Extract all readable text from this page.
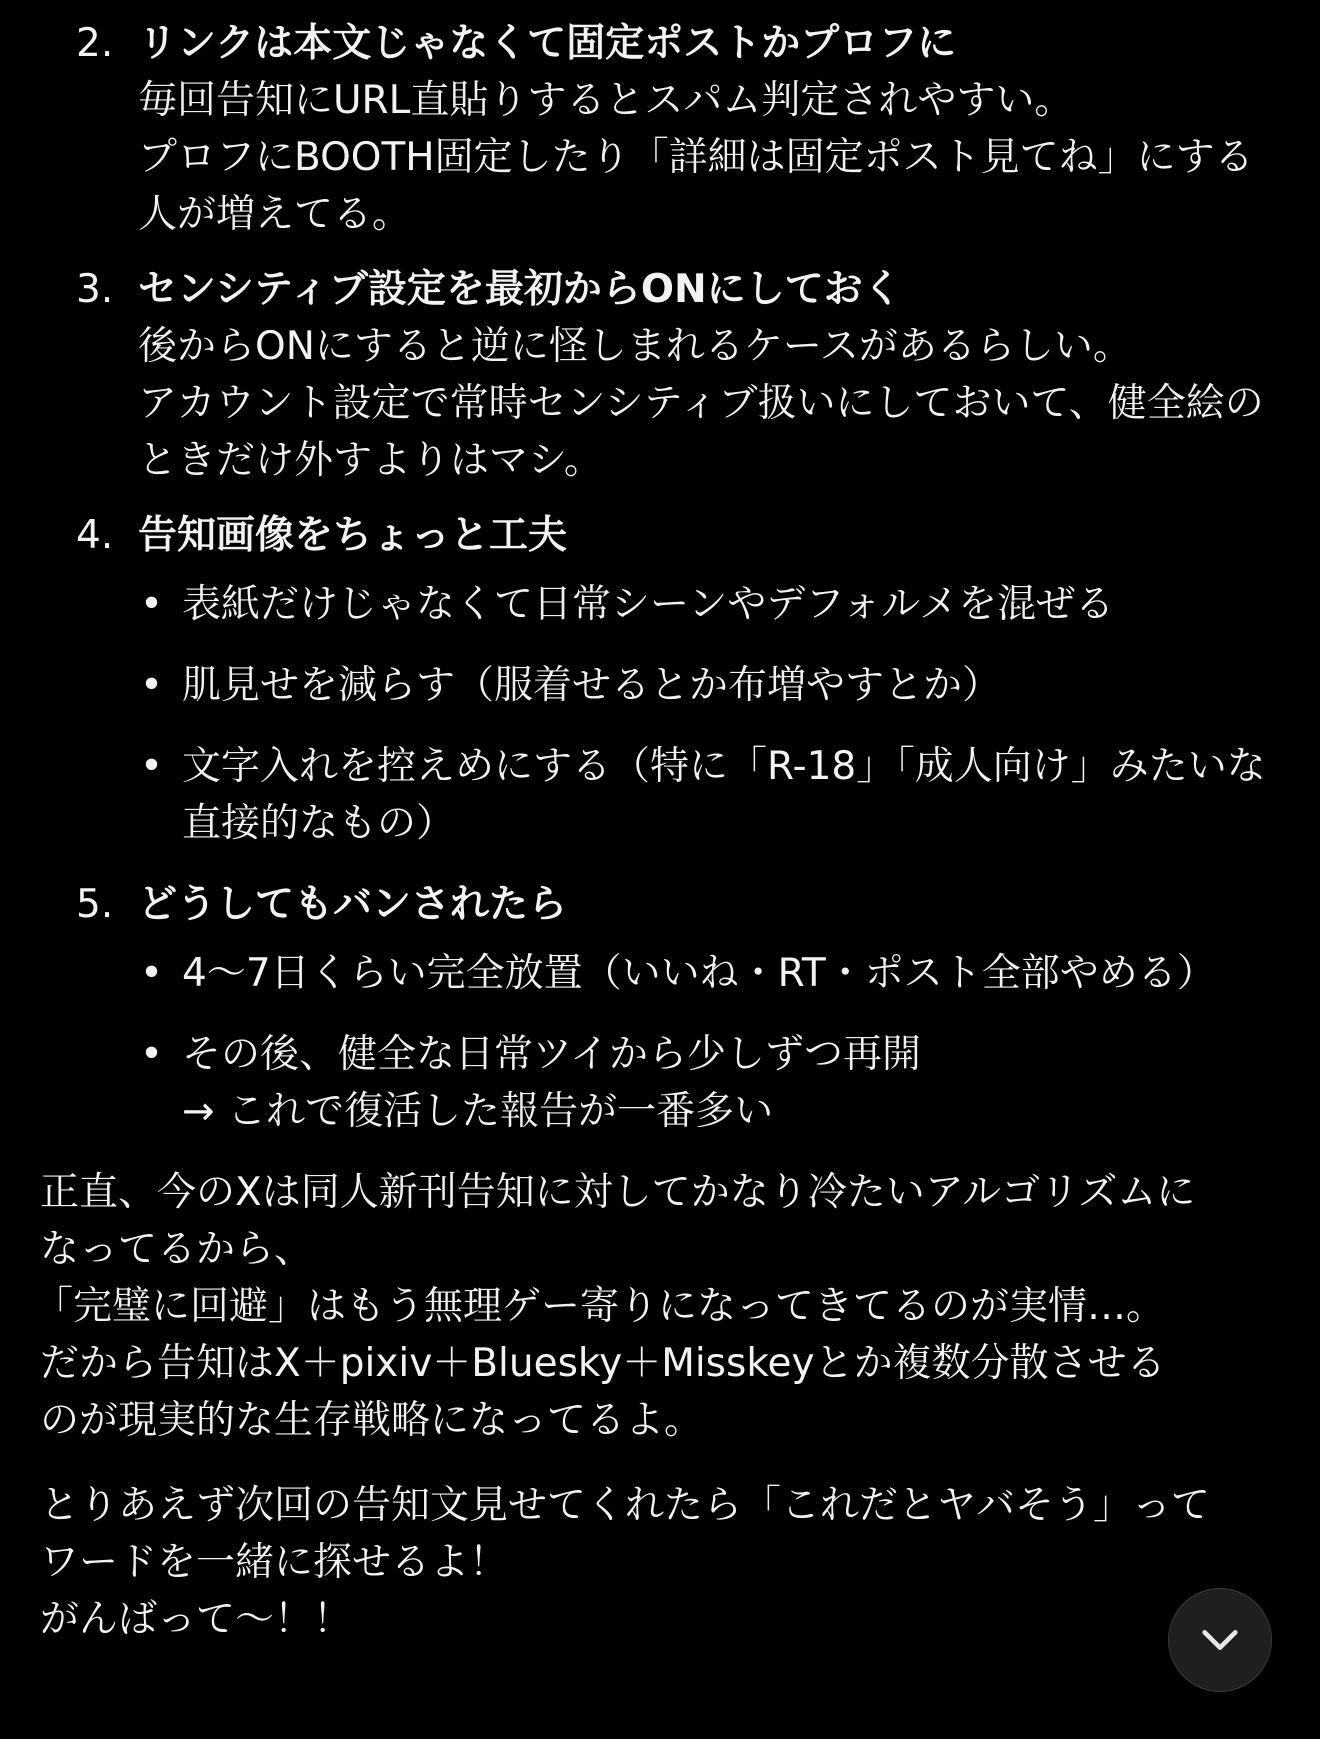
2. リンクは本文じゃなくて固定ポストかプロフに
毎回告知にURL直貼りするとスパム判定されやすい。
プロフにBOOTH固定したり「詳細は固定ポスト見てね」にする
人が増えてる。
3. センシティブ設定を最初からONにしておく
後からONにすると逆に怪しまれるケースがあるらしい。
アカウント設定で常時センシティブ扱いにしておいて、健全絵の
ときだけ外すよりはマシ。
4. 告知画像をちょっと工夫
• 表紙だけじゃなくて日常シーンやデフォルメを混ぜる
• 肌見せを減らす（服着せるとか布増やすとか）
• 文字入れを控えめにする（特に「R-18」「成人向け」みたいな
直接的なもの）
5. どうしてもバンされたら
• 4〜7日くらい完全放置（いいね・RT・ポスト全部やめる）
• その後、健全な日常ツイから少しずつ再開
→ これで復活した報告が一番多い
正直、今のXは同人新刊告知に対してかなり冷たいアルゴリズムに
なってるから、
「完璧に回避」はもう無理ゲー寄りになってきてるのが実情…。
だから告知はX＋pixiv＋Bluesky＋Misskeyとか複数分散させる
のが現実的な生存戦略になってるよ。
とりあえず次回の告知文見せてくれたら「これだとヤバそう」って
ワードを一緒に探せるよ！
がんばって〜！！
